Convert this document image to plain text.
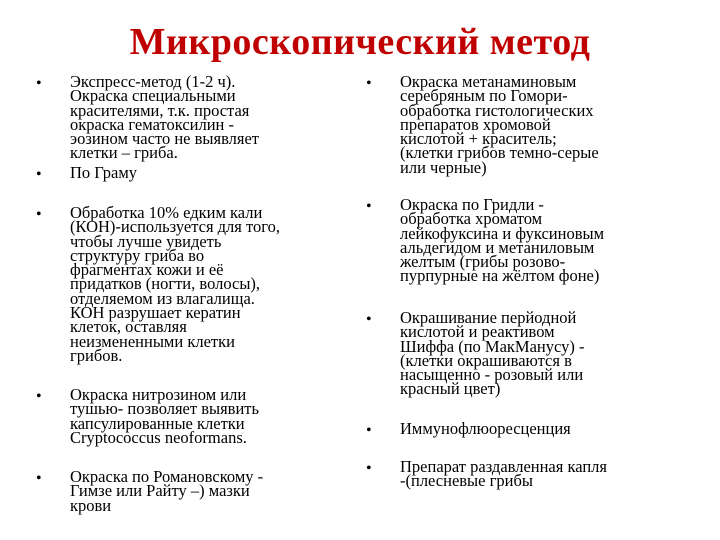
Микроскопический метод
• Экспресс-метод (1-2 ч).
Окраска специальными
красителями, т.к. простая
окраска гематоксилин -
эозином часто не выявляет
клетки – гриба.
• По Граму
• Обработка 10% едким кали
(КОН)-используется для того,
чтобы лучше увидеть
структуру гриба во
фрагментах кожи и её
придатков (ногти, волосы),
отделяемом из влагалища.
КОН разрушает кератин
клеток, оставляя
неизмененными клетки
грибов.
• Окраска нитрозином или
тушью- позволяет выявить
капсулированные клетки
Cryptococcus neoformans.
• Окраска по Романовскому -
Гимзе или Райту –) мазки
крови
• Окраска метанаминовым
серебряным по Гомори-
обработка гистологических
препаратов хромовой
кислотой + краситель;
(клетки грибов темно-серые
или черные)
• Окраска по Гридли -
обработка хроматом
лейкофуксина и фуксиновым
альдегидом и метаниловым
желтым (грибы розово-
пурпурные на жёлтом фоне)
• Окрашивание перйодной
кислотой и реактивом
Шиффа (по МакМанусу) -
(клетки окрашиваются в
насыщенно - розовый или
красный цвет)
• Иммунофлюоресценция
• Препарат раздавленная капля
-(плесневые грибы
